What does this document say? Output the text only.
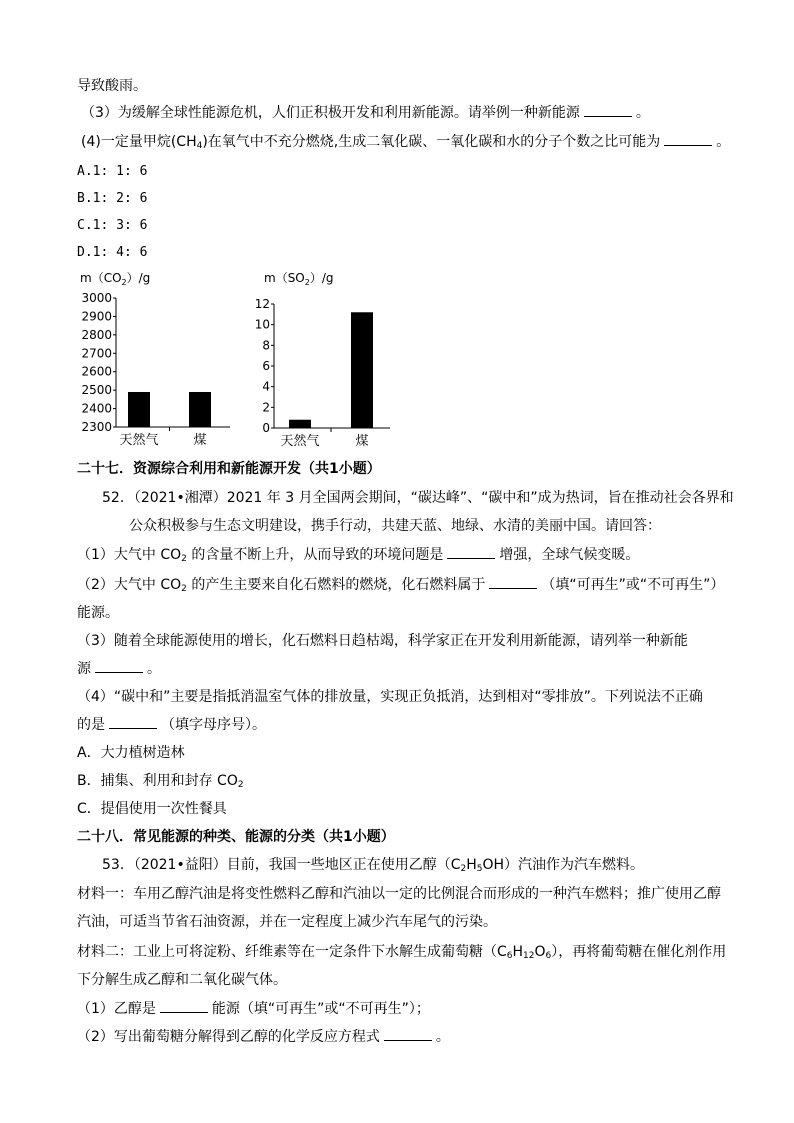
导致酸雨。
（3）为缓解全球性能源危机，人们正积极开发和利用新能源。请举例一种新能源	。
(4)一定量甲烷$(CH_4)$在氧气中不充分燃烧,生成二氧化碳、一氧化碳和水的分子个数之比可能为	。
A.1: 1: 6
B.1: 2: 6
C.1: 3: 6
D.1: 4: 6
$m(CO_2)/g$
3000
2900
2800
2700
2600
2500
2400
2300
天然气	煤
$m(SO_2)/g$
12
10
8
6
4
2
0
天然气	煤
二十七．资源综合利用和新能源开发（共1小题）
52．（2021•湘潭）2021 年 3 月全国两会期间，“碳达峰”、“碳中和”成为热词，旨在推动社会各界和
公众积极参与生态文明建设，携手行动，共建天蓝、地绿、水清的美丽中国。请回答：
（1）大气中 $CO_2$ 的含量不断上升，从而导致的环境问题是	增强，全球气候变暖。
（2）大气中 $CO_2$ 的产生主要来自化石燃料的燃烧，化石燃料属于	（填“可再生”或“不可再生”）
能源。
（3）随着全球能源使用的增长，化石燃料日趋枯竭，科学家正在开发利用新能源，请列举一种新能
源	。
（4）“碳中和”主要是指抵消温室气体的排放量，实现正负抵消，达到相对“零排放”。下列说法不正确
的是	（填字母序号）。
A．大力植树造林
B．捕集、利用和封存 $CO_2$
C．提倡使用一次性餐具
二十八．常见能源的种类、能源的分类（共1小题）
53．（2021•益阳）目前，我国一些地区正在使用乙醇$(C_2H_5OH)$汽油作为汽车燃料。
材料一：车用乙醇汽油是将变性燃料乙醇和汽油以一定的比例混合而形成的一种汽车燃料；推广使用乙醇
汽油，可适当节省石油资源，并在一定程度上减少汽车尾气的污染。
材料二：工业上可将淀粉、纤维素等在一定条件下水解生成葡萄糖$(C_6H_{12}O_6)$，再将葡萄糖在催化剂作用
下分解生成乙醇和二氧化碳气体。
（1）乙醇是	能源（填“可再生”或“不可再生”）；
（2）写出葡萄糖分解得到乙醇的化学反应方程式	。
